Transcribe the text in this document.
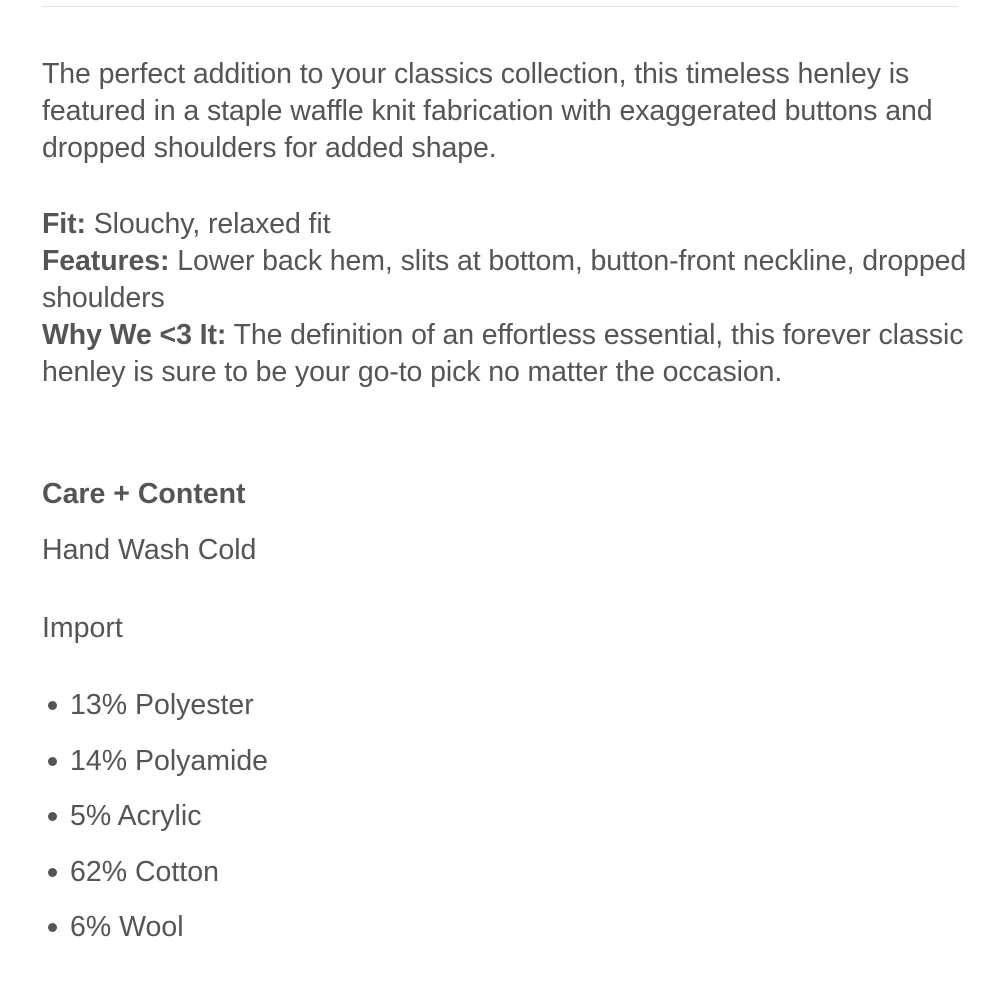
The perfect addition to your classics collection, this timeless henley is featured in a staple waffle knit fabrication with exaggerated buttons and dropped shoulders for added shape.

Fit: Slouchy, relaxed fit
Features: Lower back hem, slits at bottom, button-front neckline, dropped shoulders
Why We <3 It: The definition of an effortless essential, this forever classic henley is sure to be your go-to pick no matter the occasion.

Care + Content
Hand Wash Cold
Import
13% Polyester
14% Polyamide
5% Acrylic
62% Cotton
6% Wool
